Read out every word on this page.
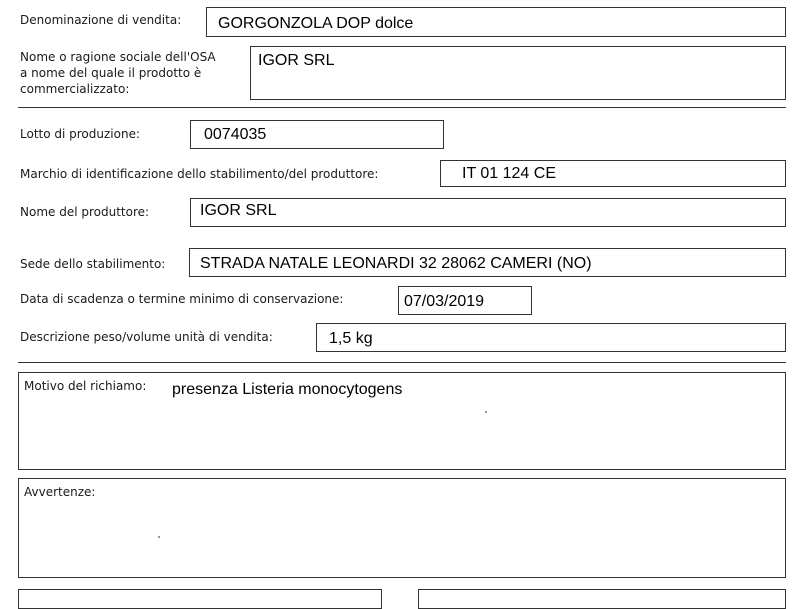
Denominazione di vendita: GORGONZOLA DOP dolce
Nome o ragione sociale dell'OSA
a nome del quale il prodotto è
commercializzato:
IGOR SRL
Lotto di produzione:	0074035
Marchio di identificazione dello stabilimento/del produttore:	IT 01 124 CE
Nome del produttore:	IGOR SRL
Sede dello stabilimento: STRADA NATALE LEONARDI 32 28062 CAMERI (NO)
Data di scadenza o termine minimo di conservazione:	07/03/2019
Descrizione peso/volume unità di vendita:	1,5 kg
Motivo del richiamo: presenza Listeria monocytogens
Avvertenze:
